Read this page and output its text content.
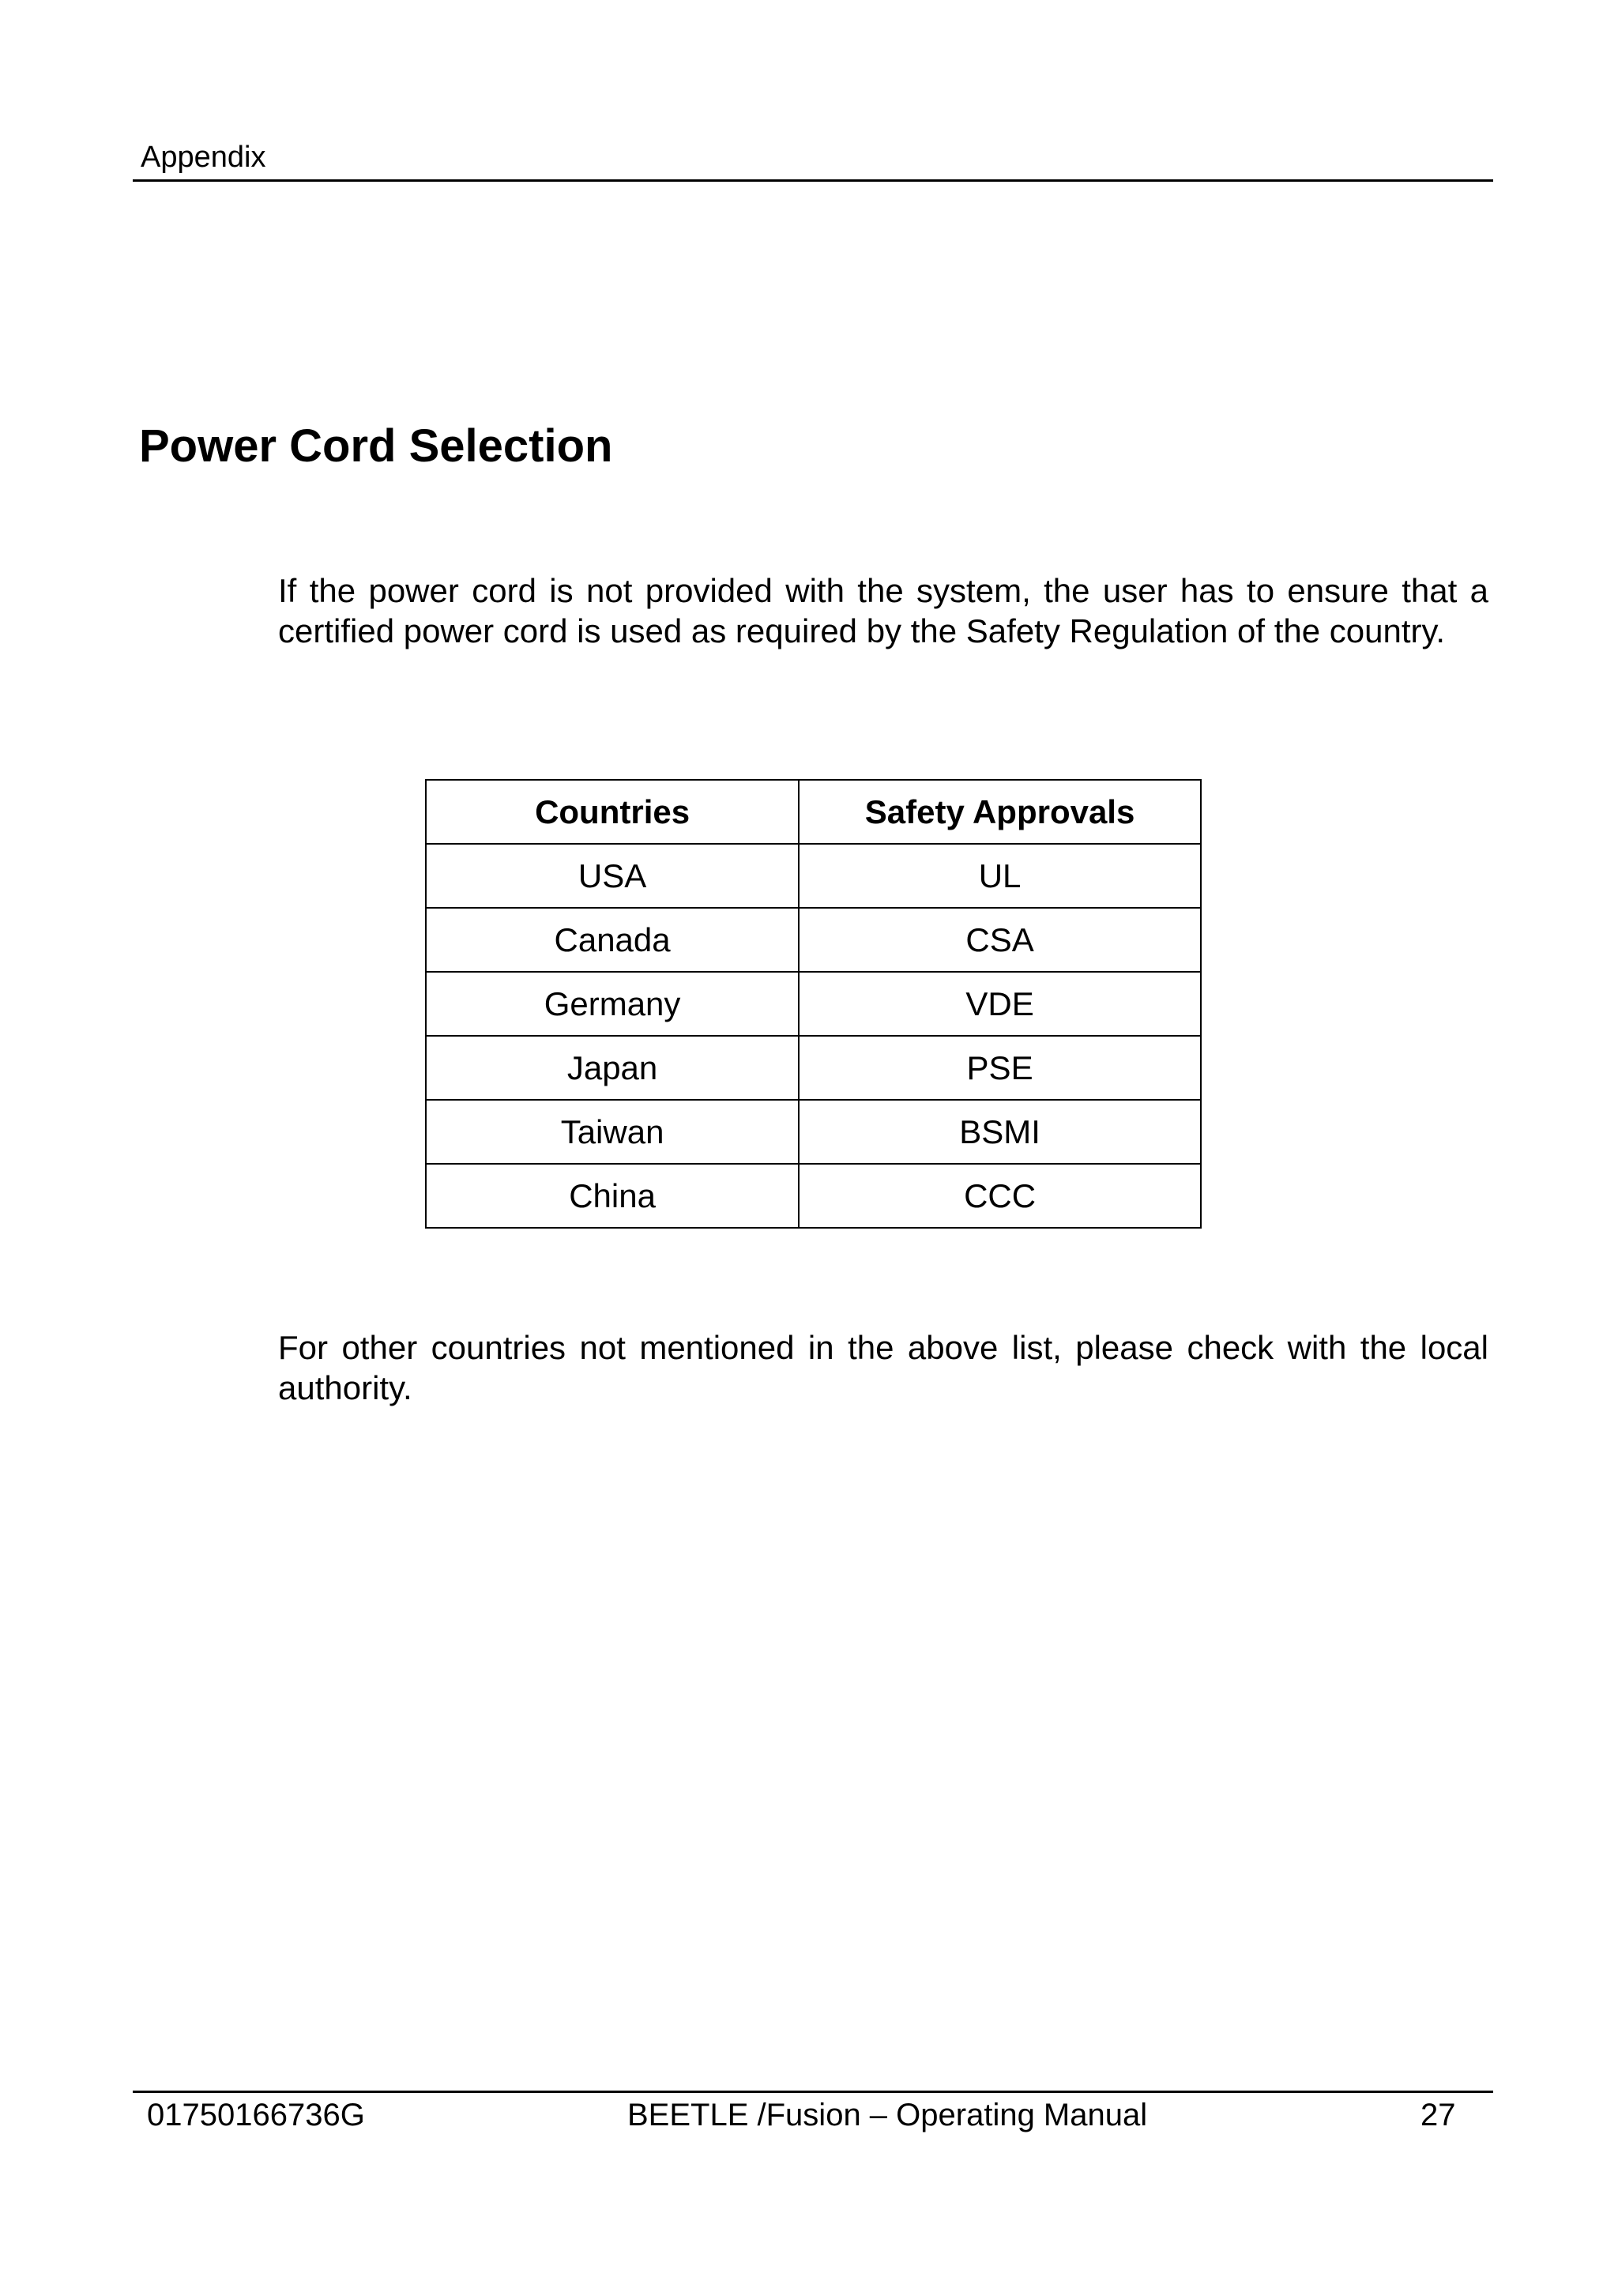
Appendix
Power Cord Selection

If the power cord is not provided with the system, the user has to ensure that a certified power cord is used as required by the Safety Regulation of the country.

Countries	Safety Approvals
USA	UL
Canada	CSA
Germany	VDE
Japan	PSE
Taiwan	BSMI
China	CCC

For other countries not mentioned in the above list, please check with the local authority.

01750166736G	BEETLE /Fusion – Operating Manual	27
